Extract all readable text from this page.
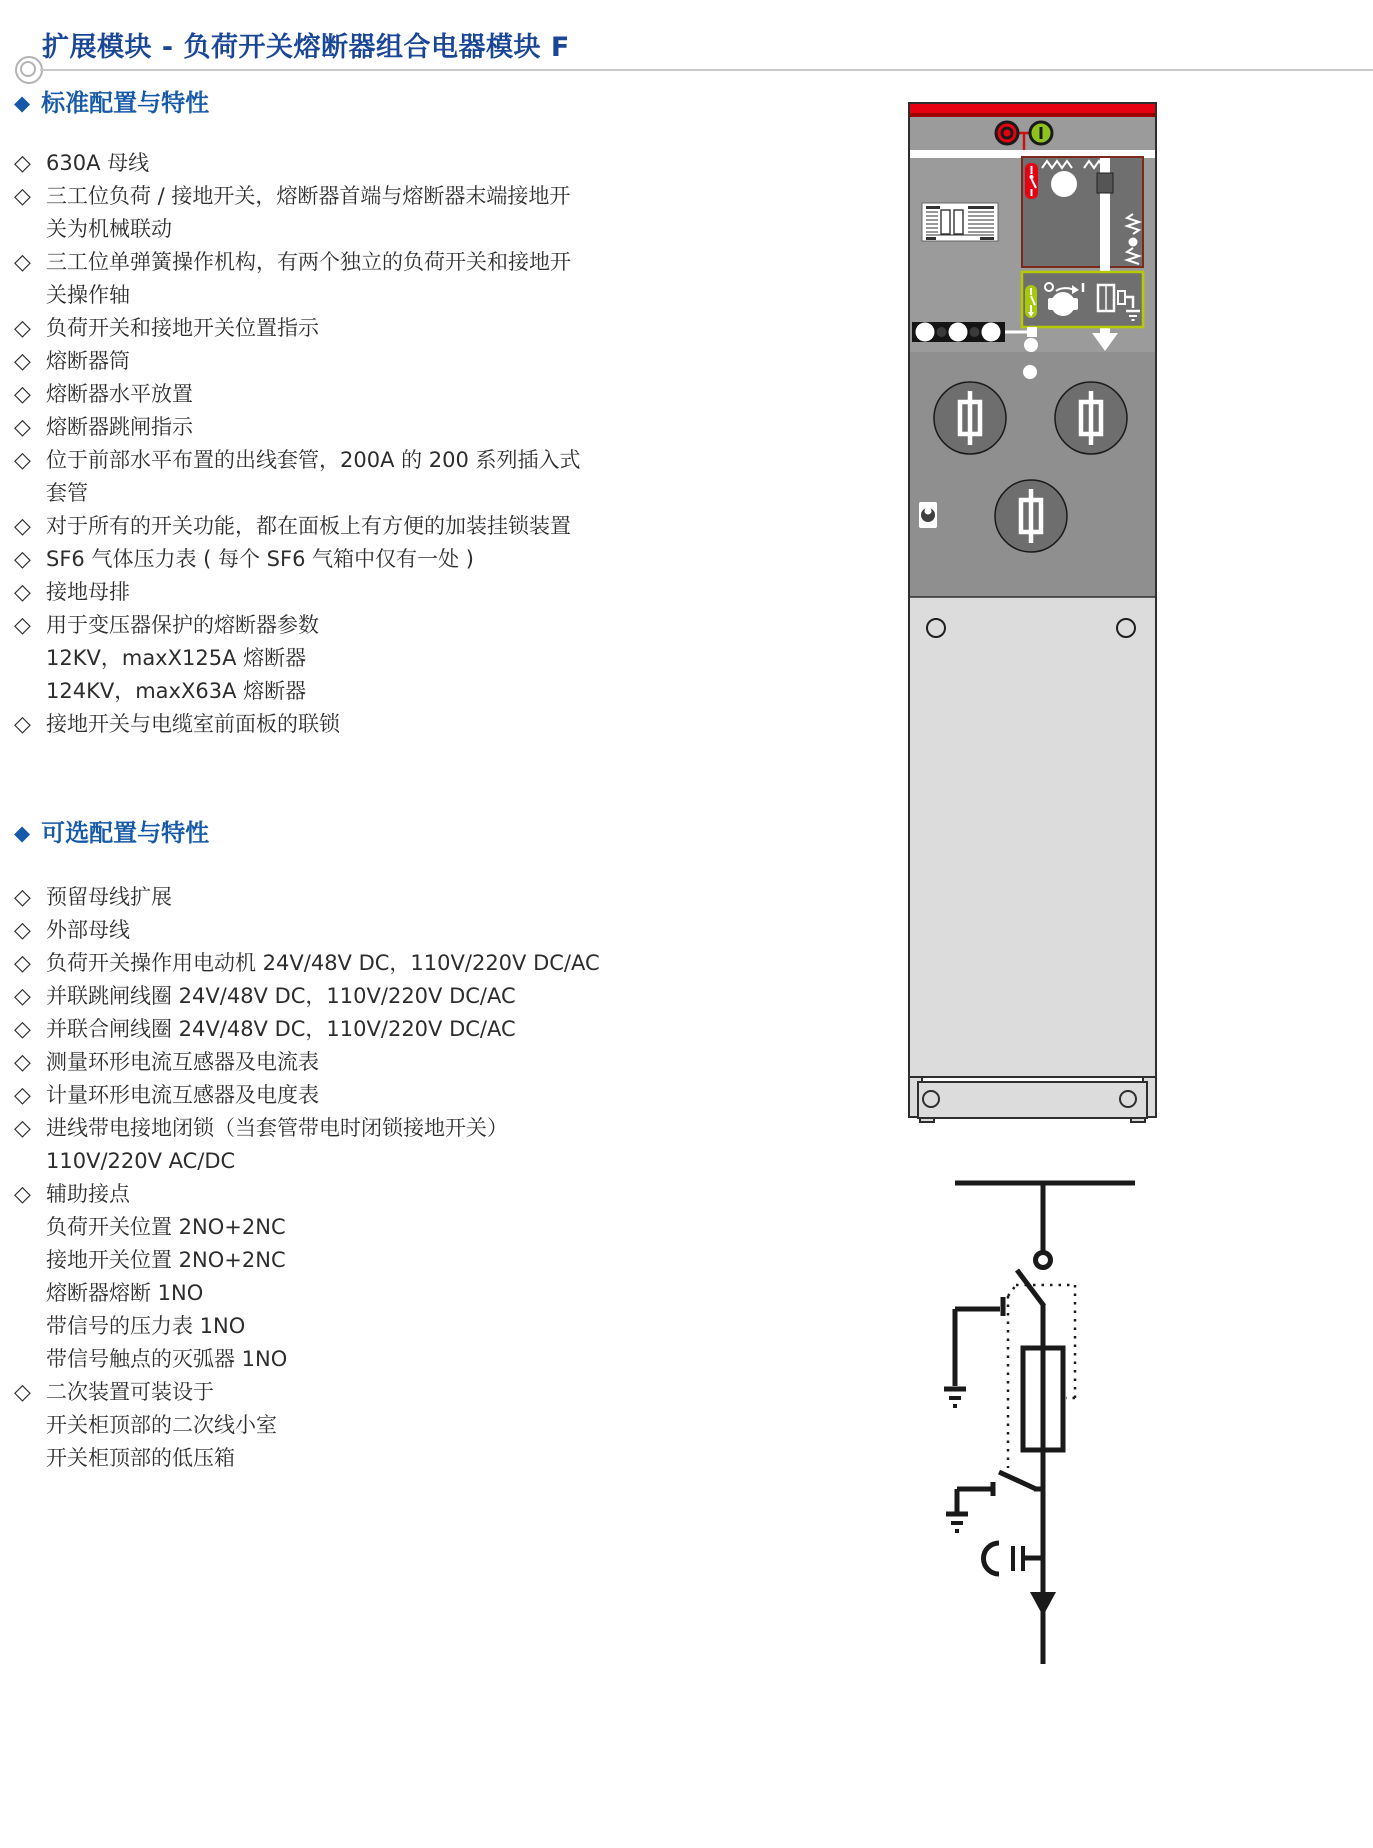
扩展模块 - 负荷开关熔断器组合电器模块 F
◆ 标准配置与特性
◇ 630A 母线
◇ 三工位负荷 / 接地开关，熔断器首端与熔断器末端接地开
关为机械联动
◇ 三工位单弹簧操作机构，有两个独立的负荷开关和接地开
关操作轴
◇ 负荷开关和接地开关位置指示
◇ 熔断器筒
◇ 熔断器水平放置
◇ 熔断器跳闸指示
◇ 位于前部水平布置的出线套管，200A 的 200 系列插入式
套管
◇ 对于所有的开关功能，都在面板上有方便的加装挂锁装置
◇ SF6 气体压力表 ( 每个 SF6 气箱中仅有一处 )
◇ 接地母排
◇ 用于变压器保护的熔断器参数
12KV，maxX125A 熔断器
124KV，maxX63A 熔断器
◇ 接地开关与电缆室前面板的联锁
◆ 可选配置与特性
◇ 预留母线扩展
◇ 外部母线
◇ 负荷开关操作用电动机 24V/48V DC，110V/220V DC/AC
◇ 并联跳闸线圈 24V/48V DC，110V/220V DC/AC
◇ 并联合闸线圈 24V/48V DC，110V/220V DC/AC
◇ 测量环形电流互感器及电流表
◇ 计量环形电流互感器及电度表
◇ 进线带电接地闭锁（当套管带电时闭锁接地开关）
110V/220V AC/DC
◇ 辅助接点
负荷开关位置 2NO+2NC
接地开关位置 2NO+2NC
熔断器熔断 1NO
带信号的压力表 1NO
带信号触点的灭弧器 1NO
◇ 二次装置可装设于
开关柜顶部的二次线小室
开关柜顶部的低压箱
